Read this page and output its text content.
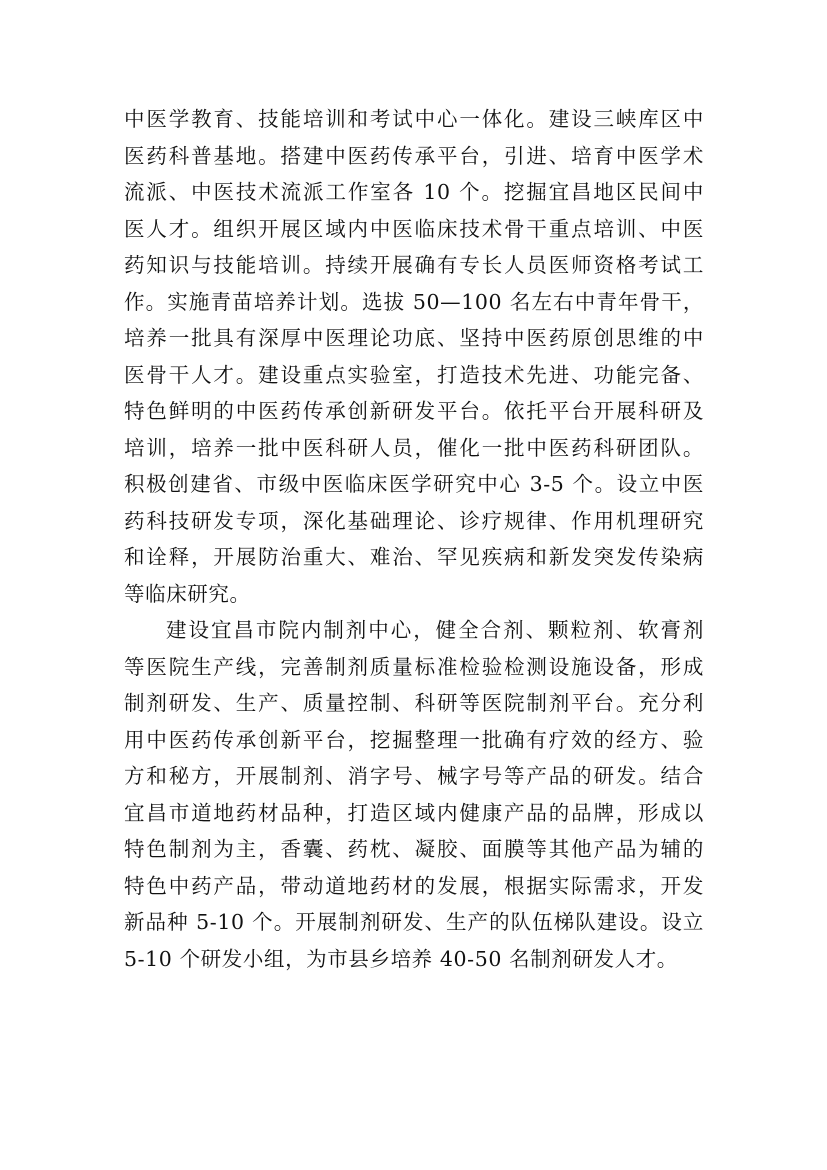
中医学教育、技能培训和考试中心一体化。建设三峡库区中
医药科普基地。搭建中医药传承平台，引进、培育中医学术
流派、中医技术流派工作室各 10 个。挖掘宜昌地区民间中
医人才。组织开展区域内中医临床技术骨干重点培训、中医
药知识与技能培训。持续开展确有专长人员医师资格考试工
作。实施青苗培养计划。选拔 50—100 名左右中青年骨干，
培养一批具有深厚中医理论功底、坚持中医药原创思维的中
医骨干人才。建设重点实验室，打造技术先进、功能完备、
特色鲜明的中医药传承创新研发平台。依托平台开展科研及
培训，培养一批中医科研人员，催化一批中医药科研团队。
积极创建省、市级中医临床医学研究中心 3-5 个。设立中医
药科技研发专项，深化基础理论、诊疗规律、作用机理研究
和诠释，开展防治重大、难治、罕见疾病和新发突发传染病
等临床研究。
建设宜昌市院内制剂中心，健全合剂、颗粒剂、软膏剂
等医院生产线，完善制剂质量标准检验检测设施设备，形成
制剂研发、生产、质量控制、科研等医院制剂平台。充分利
用中医药传承创新平台，挖掘整理一批确有疗效的经方、验
方和秘方，开展制剂、消字号、械字号等产品的研发。结合
宜昌市道地药材品种，打造区域内健康产品的品牌，形成以
特色制剂为主，香囊、药枕、凝胶、面膜等其他产品为辅的
特色中药产品，带动道地药材的发展，根据实际需求，开发
新品种 5-10 个。开展制剂研发、生产的队伍梯队建设。设立
5-10 个研发小组，为市县乡培养 40-50 名制剂研发人才。
